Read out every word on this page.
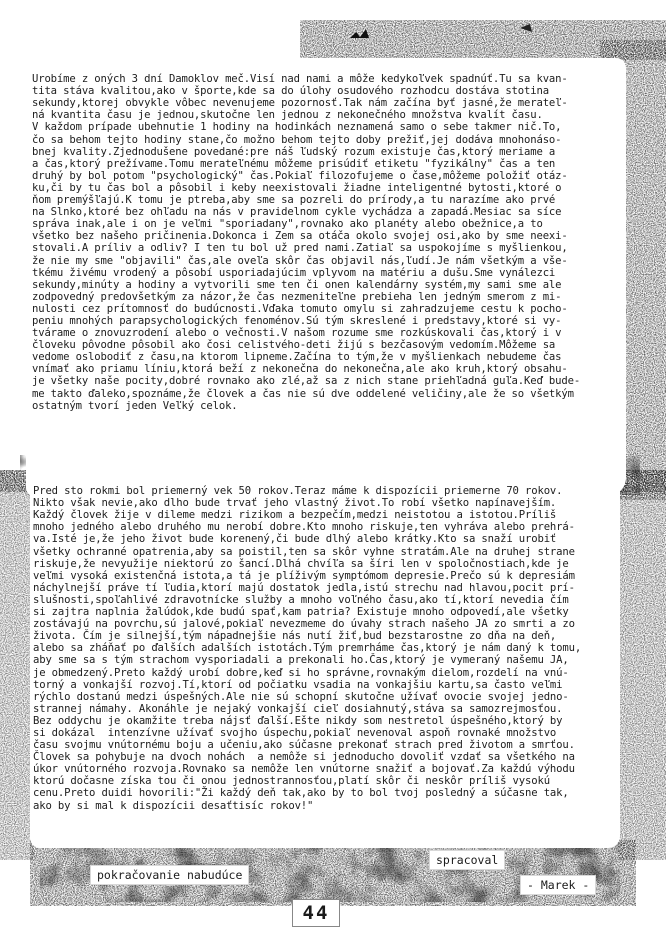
Urobíme z oných 3 dní Damoklov meč.Visí nad nami a môže kedykoľvek spadnúť.Tu sa kvan-
tita stáva kvalitou,ako v športe,kde sa do úlohy osudového rozhodcu dostáva stotina
sekundy,ktorej obvykle vôbec nevenujeme pozornosť.Tak nám začína byť jasné,že merateľ-
ná kvantita času je jednou,skutočne len jednou z nekonečného množstva kvalít času.
V každom prípade ubehnutie 1 hodiny na hodinkách neznamená samo o sebe takmer nič.To,
čo sa behom tejto hodiny stane,čo možno behom tejto doby prežiť,jej dodáva mnohonáso-
bnej kvality.Zjednodušene povedané:pre náš ľudský rozum existuje čas,ktorý meriame a
a čas,ktorý prežívame.Tomu merateľnému môžeme prisúdiť etiketu "fyzikálny" čas a ten
druhý by bol potom "psychologický" čas.Pokiaľ filozofujeme o čase,môžeme položiť otáz-
ku,či by tu čas bol a pôsobil i keby neexistovali žiadne inteligentné bytosti,ktoré o
ňom premýšľajú.K tomu je ptreba,aby sme sa pozreli do prírody,a tu narazíme ako prvé
na Slnko,ktoré bez ohľadu na nás v pravidelnom cykle vychádza a zapadá.Mesiac sa síce
správa inak,ale i on je veľmi "sporiadany",rovnako ako planéty alebo obežnice,a to
všetko bez našeho pričinenia.Dokonca i Zem sa otáča okolo svojej osi,ako by sme neexi-
stovali.A príliv a odliv? I ten tu bol už pred nami.Zatiaľ sa uspokojíme s myšlienkou,
že nie my sme "objavili" čas,ale oveľa skôr čas objavil nás,ľudí.Je nám všetkým a vše-
tkému živému vrodený a pôsobí usporiadajúcim vplyvom na matériu a dušu.Sme vynálezci
sekundy,minúty a hodiny a vytvorili sme ten či onen kalendárny systém,my sami sme ale
zodpovedný predovšetkým za názor,že čas nezmeniteľne prebieha len jedným smerom z mi-
nulosti cez prítomnosť do budúcnosti.Vďaka tomuto omylu si zahradzujeme cestu k pocho-
peniu mnohých parapsychologických fenoménov.Sú tým skreslené i predstavy,ktoré si vy-
tvárame o znovuzrodení alebo o večnosti.V našom rozume sme rozkúskovali čas,ktorý i v
človeku pôvodne pôsobil ako čosi celistvého-deti žijú s bezčasovým vedomím.Môžeme sa
vedome oslobodiť z času,na ktorom lipneme.Začína to tým,že v myšlienkach nebudeme čas
vnímať ako priamu líniu,ktorá beží z nekonečna do nekonečna,ale ako kruh,ktorý obsahu-
je všetky naše pocity,dobré rovnako ako zlé,až sa z nich stane priehľadná guľa.Keď bude-
me takto ďaleko,spoznáme,že človek a čas nie sú dve oddelené veličiny,ale že so všetkým
ostatným tvorí jeden Veľký celok.

Pred sto rokmi bol priemerný vek 50 rokov.Teraz máme k dispozícii priemerne 70 rokov.
Nikto však nevie,ako dlho bude trvať jeho vlastný život.To robí všetko napínavejším.
Každý človek žije v dileme medzi rizikom a bezpečím,medzi neistotou a istotou.Príliš
mnoho jedného alebo druhého mu nerobí dobre.Kto mnoho riskuje,ten vyhráva alebo prehrá-
va.Isté je,že jeho život bude korenený,či bude dlhý alebo krátky.Kto sa snaží urobiť
všetky ochranné opatrenia,aby sa poistil,ten sa skôr vyhne stratám.Ale na druhej strane
riskuje,že nevyužije niektorú zo šancí.Dlhá chvíľa sa šíri len v spoločnostiach,kde je
veľmi vysoká existenčná istota,a tá je plíživým symptómom depresie.Prečo sú k depresiám
náchylnejší práve tí ľudia,ktorí majú dostatok jedla,istú strechu nad hlavou,pocit prí-
slušnosti,spoľahlivé zdravotnícke služby a mnoho voľného času,ako tí,ktorí nevedia čím
si zajtra naplnia žalúdok,kde budú spať,kam patria? Existuje mnoho odpovedí,ale všetky
zostávajú na povrchu,sú jalové,pokiaľ nevezmeme do úvahy strach našeho JA zo smrti a zo
života. Čím je silnejší,tým nápadnejšie nás nutí žiť,bud bezstarostne zo dňa na deň,
alebo sa zháňať po ďalších adalších istotách.Tým premrháme čas,ktorý je nám daný k tomu,
aby sme sa s tým strachom vysporiadali a prekonali ho.Čas,ktorý je vymeraný našemu JA,
je obmedzený.Preto každý urobí dobre,keď si ho správne,rovnakým dielom,rozdelí na vnú-
torný a vonkajší rozvoj.Tí,ktorí od počiatku vsadia na vonkajšiu kartu,sa často veľmi
rýchlo dostanú medzi úspešných.Ale nie sú schopní skutočne užívať ovocie svojej jedno-
strannej námahy. Akonáhle je nejaký vonkajší cieľ dosiahnutý,stáva sa samozrejmosťou.
Bez oddychu je okamžite treba nájsť ďalší.Ešte nikdy som nestretol úspešného,ktorý by
si dokázal  intenzívne užívať svojho úspechu,pokiaľ nevenoval aspoň rovnaké množstvo
času svojmu vnútornému boju a učeniu,ako súčasne prekonať strach pred životom a smrťou.
Človek sa pohybuje na dvoch nohách  a nemôže si jednoducho dovoliť vzdať sa všetkého na
úkor vnútorného rozvoja.Rovnako sa nemôže len vnútorne snažiť a bojovať.Za každú výhodu
ktorú dočasne získa tou či onou jednostrannosťou,platí skôr či neskôr príliš vysokú
cenu.Preto duidi hovorili:"Ži každý deň tak,ako by to bol tvoj posledný a súčasne tak,
ako by si mal k dispozícii desaťtisíc rokov!"

pokračovanie nabudúce
spracoval
- Marek -
44
